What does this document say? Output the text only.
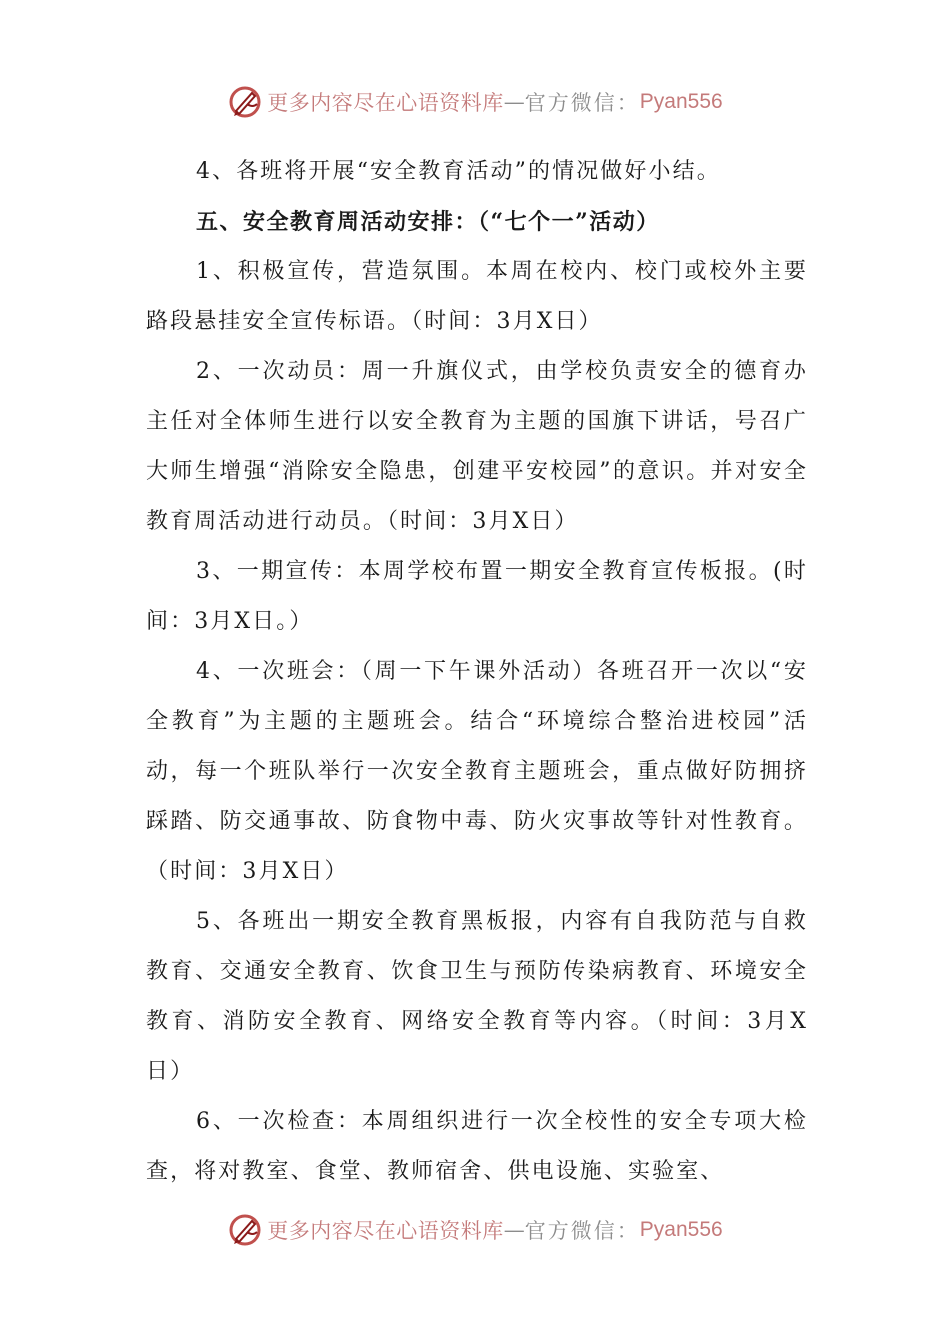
更多内容尽在心语资料库 — 官方微信： Pyan556

4、各班将开展“安全教育活动”的情况做好小结。

五、安全教育周活动安排：（“七个一”活动）

1、积极宣传，营造氛围。本周在校内、校门或校外主要路段悬挂安全宣传标语。（时间：3月X日）

2、一次动员：周一升旗仪式，由学校负责安全的德育办主任对全体师生进行以安全教育为主题的国旗下讲话，号召广大师生增强“消除安全隐患，创建平安校园”的意识。并对安全教育周活动进行动员。（时间：3月X日）

3、一期宣传：本周学校布置一期安全教育宣传板报。(时间：3月X日。）

4、一次班会：（周一下午课外活动）各班召开一次以“安全教育”为主题的主题班会。结合“环境综合整治进校园”活动，每一个班队举行一次安全教育主题班会，重点做好防拥挤踩踏、防交通事故、防食物中毒、防火灾事故等针对性教育。（时间：3月X日）

5、各班出一期安全教育黑板报，内容有自我防范与自救教育、交通安全教育、饮食卫生与预防传染病教育、环境安全教育、消防安全教育、网络安全教育等内容。（时间：3月X日）

6、一次检查：本周组织进行一次全校性的安全专项大检查，将对教室、食堂、教师宿舍、供电设施、实验室、

更多内容尽在心语资料库 — 官方微信： Pyan556
